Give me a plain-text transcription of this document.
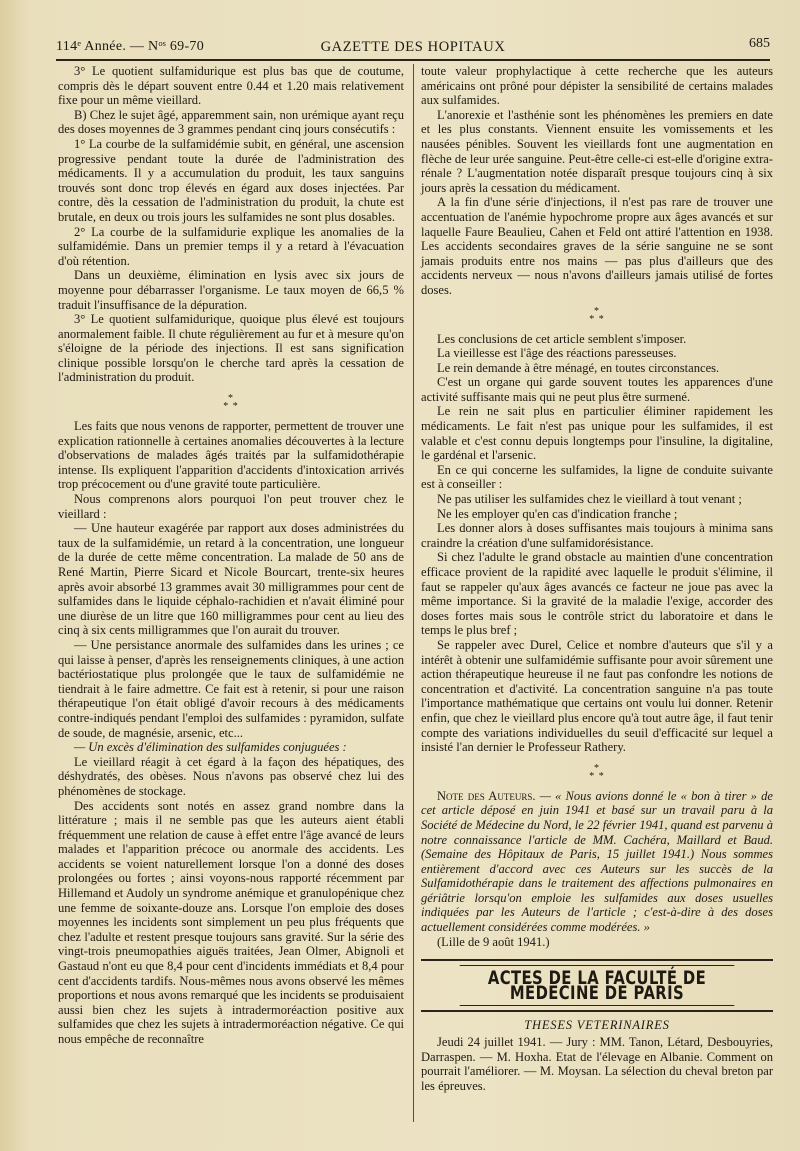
114ᵉ Année. — Nᵒˢ 69-70	GAZETTE DES HOPITAUX	685

3° Le quotient sulfamidurique est plus bas que de coutume, compris dès le départ souvent entre 0.44 et 1.20 mais relativement fixe pour un même vieillard.

B) Chez le sujet âgé, apparemment sain, non urémique ayant reçu des doses moyennes de 3 grammes pendant cinq jours consécutifs :

1° La courbe de la sulfamidémie subit, en général, une ascension progressive pendant toute la durée de l'administration des médicaments. Il y a accumulation du produit, les taux sanguins trouvés sont donc trop élevés en égard aux doses injectées. Par contre, dès la cessation de l'administration du produit, la chute est brutale, en deux ou trois jours les sulfamides ne sont plus dosables.

2° La courbe de la sulfamidurie explique les anomalies de la sulfamidémie. Dans un premier temps il y a retard à l'évacuation d'où rétention.

Dans un deuxième, élimination en lysis avec six jours de moyenne pour débarrasser l'organisme. Le taux moyen de 66,5 % traduit l'insuffisance de la dépuration.

3° Le quotient sulfamidurique, quoique plus élevé est toujours anormalement faible. Il chute régulièrement au fur et à mesure qu'on s'éloigne de la période des injections. Il est sans signification clinique possible lorsqu'on le cherche tard après la cessation de l'administration du produit.

*
* *

Les faits que nous venons de rapporter, permettent de trouver une explication rationnelle à certaines anomalies découvertes à la lecture d'observations de malades âgés traités par la sulfamidothérapie intense. Ils expliquent l'apparition d'accidents d'intoxication arrivés trop précocement ou d'une gravité toute particulière.

Nous comprenons alors pourquoi l'on peut trouver chez le vieillard :

— Une hauteur exagérée par rapport aux doses administrées du taux de la sulfamidémie, un retard à la concentration, une longueur de la durée de cette même concentration. La malade de 50 ans de René Martin, Pierre Sicard et Nicole Bourcart, trente-six heures après avoir absorbé 13 grammes avait 30 milligrammes pour cent de sulfamides dans le liquide céphalo-rachidien et n'avait éliminé pour une diurèse de un litre que 160 milligrammes pour cent au lieu des cinq à six cents milligrammes que l'on aurait du trouver.

— Une persistance anormale des sulfamides dans les urines ; ce qui laisse à penser, d'après les renseignements cliniques, à une action bactériostatique plus prolongée que le taux de sulfamidémie ne tiendrait à le faire admettre. Ce fait est à retenir, si pour une raison thérapeutique l'on était obligé d'avoir recours à des médicaments contre-indiqués pendant l'emploi des sulfamides : pyramidon, sulfate de soude, de magnésie, arsenic, etc...

— Un excès d'élimination des sulfamides conjuguées :

Le vieillard réagit à cet égard à la façon des hépatiques, des déshydratés, des obèses. Nous n'avons pas observé chez lui des phénomènes de stockage.

Des accidents sont notés en assez grand nombre dans la littérature ; mais il ne semble pas que les auteurs aient établi fréquemment une relation de cause à effet entre l'âge avancé de leurs malades et l'apparition précoce ou anormale des accidents. Les accidents se voient naturellement lorsque l'on a donné des doses prolongées ou fortes ; ainsi voyons-nous rapporté récemment par Hillemand et Audoly un syndrome anémique et granulopénique chez une femme de soixante-douze ans. Lorsque l'on emploie des doses moyennes les incidents sont simplement un peu plus fréquents que chez l'adulte et restent presque toujours sans gravité. Sur la série des vingt-trois pneumopathies aiguës traitées, Jean Olmer, Abignoli et Gastaud n'ont eu que 8,4 pour cent d'incidents immédiats et 8,4 pour cent d'accidents tardifs. Nous-mêmes nous avons observé les mêmes proportions et nous avons remarqué que les incidents se produisaient aussi bien chez les sujets à intradermoréaction positive aux sulfamides que chez les sujets à intradermoréaction négative. Ce qui nous empêche de reconnaître

toute valeur prophylactique à cette recherche que les auteurs américains ont prôné pour dépister la sensibilité de certains malades aux sulfamides.

L'anorexie et l'asthénie sont les phénomènes les premiers en date et les plus constants. Viennent ensuite les vomissements et les nausées pénibles. Souvent les vieillards font une augmentation en flèche de leur urée sanguine. Peut-être celle-ci est-elle d'origine extra-rénale ? L'augmentation notée disparaît presque toujours cinq à six jours après la cessation du médicament.

A la fin d'une série d'injections, il n'est pas rare de trouver une accentuation de l'anémie hypochrome propre aux âges avancés et sur laquelle Faure Beaulieu, Cahen et Feld ont attiré l'attention en 1938. Les accidents secondaires graves de la série sanguine ne se sont jamais produits entre nos mains — pas plus d'ailleurs que des accidents nerveux — nous n'avons d'ailleurs jamais utilisé de fortes doses.

*
* *

Les conclusions de cet article semblent s'imposer.

La vieillesse est l'âge des réactions paresseuses.

Le rein demande à être ménagé, en toutes circonstances.

C'est un organe qui garde souvent toutes les apparences d'une activité suffisante mais qui ne peut plus être surmené.

Le rein ne sait plus en particulier éliminer rapidement les médicaments. Le fait n'est pas unique pour les sulfamides, il est valable et c'est connu depuis longtemps pour l'insuline, la digitaline, le gardénal et l'arsenic.

En ce qui concerne les sulfamides, la ligne de conduite suivante est à conseiller :

Ne pas utiliser les sulfamides chez le vieillard à tout venant ;

Ne les employer qu'en cas d'indication franche ;

Les donner alors à doses suffisantes mais toujours à minima sans craindre la création d'une sulfamidorésistance.

Si chez l'adulte le grand obstacle au maintien d'une concentration efficace provient de la rapidité avec laquelle le produit s'élimine, il faut se rappeler qu'aux âges avancés ce facteur ne joue pas avec la même importance. Si la gravité de la maladie l'exige, accorder des doses fortes mais sous le contrôle strict du laboratoire et dans le temps le plus bref ;

Se rappeler avec Durel, Celice et nombre d'auteurs que s'il y a intérêt à obtenir une sulfamidémie suffisante pour avoir sûrement une action thérapeutique heureuse il ne faut pas confondre les notions de concentration et d'activité. La concentration sanguine n'a pas toute l'importance mathématique que certains ont voulu lui donner. Retenir enfin, que chez le vieillard plus encore qu'à tout autre âge, il faut tenir compte des variations individuelles du seuil d'efficacité sur lequel a insisté l'an dernier le Professeur Rathery.

*
* *

Note des Auteurs. — « Nous avions donné le « bon à tirer » de cet article déposé en juin 1941 et basé sur un travail paru à la Société de Médecine du Nord, le 22 février 1941, quand est parvenu à notre connaissance l'article de MM. Cachéra, Maillard et Baud. (Semaine des Hôpitaux de Paris, 15 juillet 1941.) Nous sommes entièrement d'accord avec ces Auteurs sur les succès de la Sulfamidothérapie dans le traitement des affections pulmonaires en gériâtrie lorsqu'on emploie les sulfamides aux doses usuelles indiquées par les Auteurs de l'article ; c'est-à-dire à des doses actuellement considérées comme modérées. »

(Lille de 9 août 1941.)

ACTES DE LA FACULTÉ DE MÉDECINE DE PARIS
THESES VETERINAIRES

Jeudi 24 juillet 1941. — Jury : MM. Tanon, Létard, Desbouyries, Darraspen. — M. Hoxha. Etat de l'élevage en Albanie. Comment on pourrait l'améliorer. — M. Moysan. La sélection du cheval breton par les épreuves.
